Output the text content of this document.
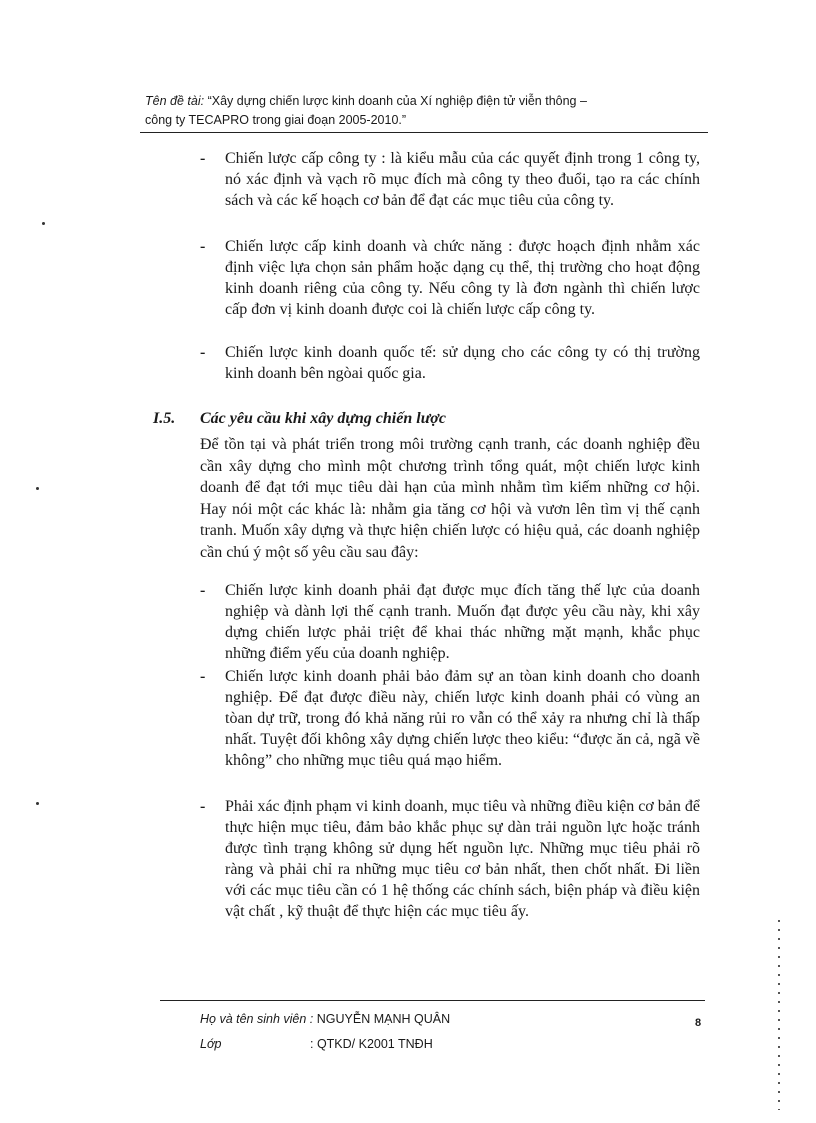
Tên đề tài: “Xây dựng chiến lược kinh doanh của Xí nghiệp điện tử viễn thông –
công ty TECAPRO trong giai đoạn 2005-2010.”
- Chiến lược cấp công ty : là kiểu mẫu của các quyết định trong 1 công ty, nó xác định và vạch rõ mục đích mà công ty theo đuổi, tạo ra các chính sách và các kế hoạch cơ bản để đạt các mục tiêu của công ty.
- Chiến lược cấp kinh doanh và chức năng : được hoạch định nhằm xác định việc lựa chọn sản phẩm hoặc dạng cụ thể, thị trường cho hoạt động kinh doanh riêng của công ty. Nếu công ty là đơn ngành thì chiến lược cấp đơn vị kinh doanh được coi là chiến lược cấp công ty.
- Chiến lược kinh doanh quốc tế: sử dụng cho các công ty có thị trường kinh doanh bên ngòai quốc gia.
I.5. Các yêu cầu khi xây dựng chiến lược
Để tồn tại và phát triển trong môi trường cạnh tranh, các doanh nghiệp đều cần xây dựng cho mình một chương trình tổng quát, một chiến lược kinh doanh để đạt tới mục tiêu dài hạn của mình nhằm tìm kiếm những cơ hội. Hay nói một các khác là: nhằm gia tăng cơ hội và vươn lên tìm vị thế cạnh tranh. Muốn xây dựng và thực hiện chiến lược có hiệu quả, các doanh nghiệp cần chú ý một số yêu cầu sau đây:
- Chiến lược kinh doanh phải đạt được mục đích tăng thế lực của doanh nghiệp và dành lợi thế cạnh tranh. Muốn đạt được yêu cầu này, khi xây dựng chiến lược phải triệt để khai thác những mặt mạnh, khắc phục những điểm yếu của doanh nghiệp.
- Chiến lược kinh doanh phải bảo đảm sự an tòan kinh doanh cho doanh nghiệp. Để đạt được điều này, chiến lược kinh doanh phải có vùng an tòan dự trữ, trong đó khả năng rủi ro vẫn có thể xảy ra nhưng chỉ là thấp nhất. Tuyệt đối không xây dựng chiến lược theo kiểu: “được ăn cả, ngã về không” cho những mục tiêu quá mạo hiểm.
- Phải xác định phạm vi kinh doanh, mục tiêu và những điều kiện cơ bản để thực hiện mục tiêu, đảm bảo khắc phục sự dàn trải nguồn lực hoặc tránh được tình trạng không sử dụng hết nguồn lực. Những mục tiêu phải rõ ràng và phải chỉ ra những mục tiêu cơ bản nhất, then chốt nhất. Đi liền với các mục tiêu cần có 1 hệ thống các chính sách, biện pháp và điều kiện vật chất , kỹ thuật để thực hiện các mục tiêu ấy.
Họ và tên sinh viên : NGUYỄN MẠNH QUÂN
Lớp	: QTKD/ K2001 TNĐH
8
